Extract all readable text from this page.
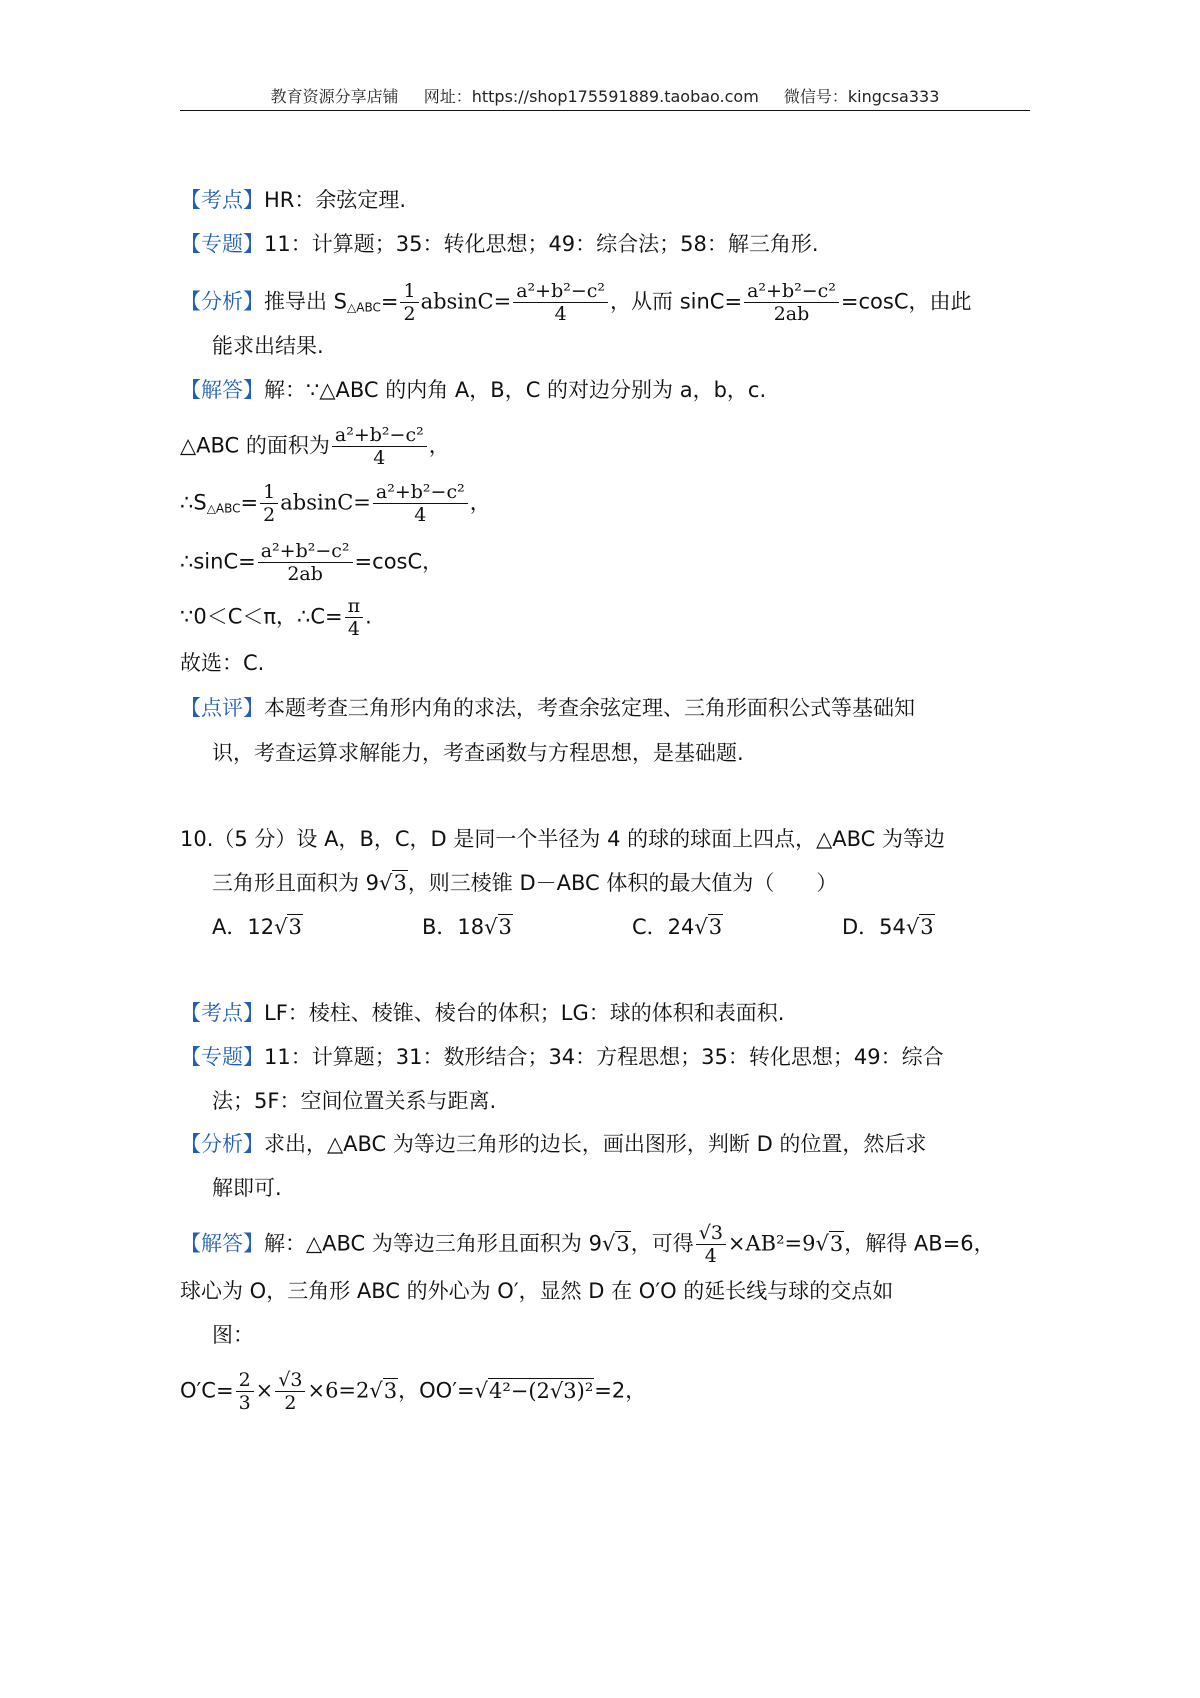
教育资源分享店铺 网址：https://shop175591889.taobao.com 微信号：kingcsa333
【考点】HR：余弦定理.
【专题】11：计算题；35：转化思想；49：综合法；58：解三角形.
【分析】推导出 $S_{\triangle ABC}= \frac{1}{2} absinC= \frac{\text{a²+b²−c²}}{4}$ ，从而 $\sin C= \frac{\text{a²+b²−c²}}{2ab} =\cos C$，由此
能求出结果.
【解答】解：∵△ABC 的内角 A，B，C 的对边分别为 a，b，c.
△ABC 的面积为 $\frac{\text{a²+b²−c²}}{4}$ ，
$\therefore S_{\triangle ABC}= \frac{1}{2} absinC= \frac{\text{a²+b²−c²}}{4}$ ，
∴sinC= $\frac{\text{a²+b²−c²}}{2ab} =\cos C$，
∵0＜C＜π，∴C= $\frac{\pi}{4}$ .
故选：C.
【点评】本题考查三角形内角的求法，考查余弦定理、三角形面积公式等基础知
识，考查运算求解能力，考查函数与方程思想，是基础题.
10.（5 分）设 A，B，C，D 是同一个半径为 4 的球的球面上四点，△ABC 为等边
三角形且面积为 9√3，则三棱锥 D－ABC 体积的最大值为（　　）
A．12√3	B．18√3	C．24√3	D．54√3
【考点】LF：棱柱、棱锥、棱台的体积；LG：球的体积和表面积.
【专题】11：计算题；31：数形结合；34：方程思想；35：转化思想；49：综合
法；5F：空间位置关系与距离.
【分析】求出，△ABC 为等边三角形的边长，画出图形，判断 D 的位置，然后求
解即可.
【解答】解：△ABC 为等边三角形且面积为 9√3，可得 $\frac{√3}{4} \times AB^2=9√3$，解得 AB=6，
球心为 O，三角形 ABC 的外心为 O′，显然 D 在 O′O 的延长线与球的交点如
图：
$O'C= \frac{2}{3} \times \frac{√3}{2} \times 6=2√3$，OO′=√4²−(2√3)²=2，
